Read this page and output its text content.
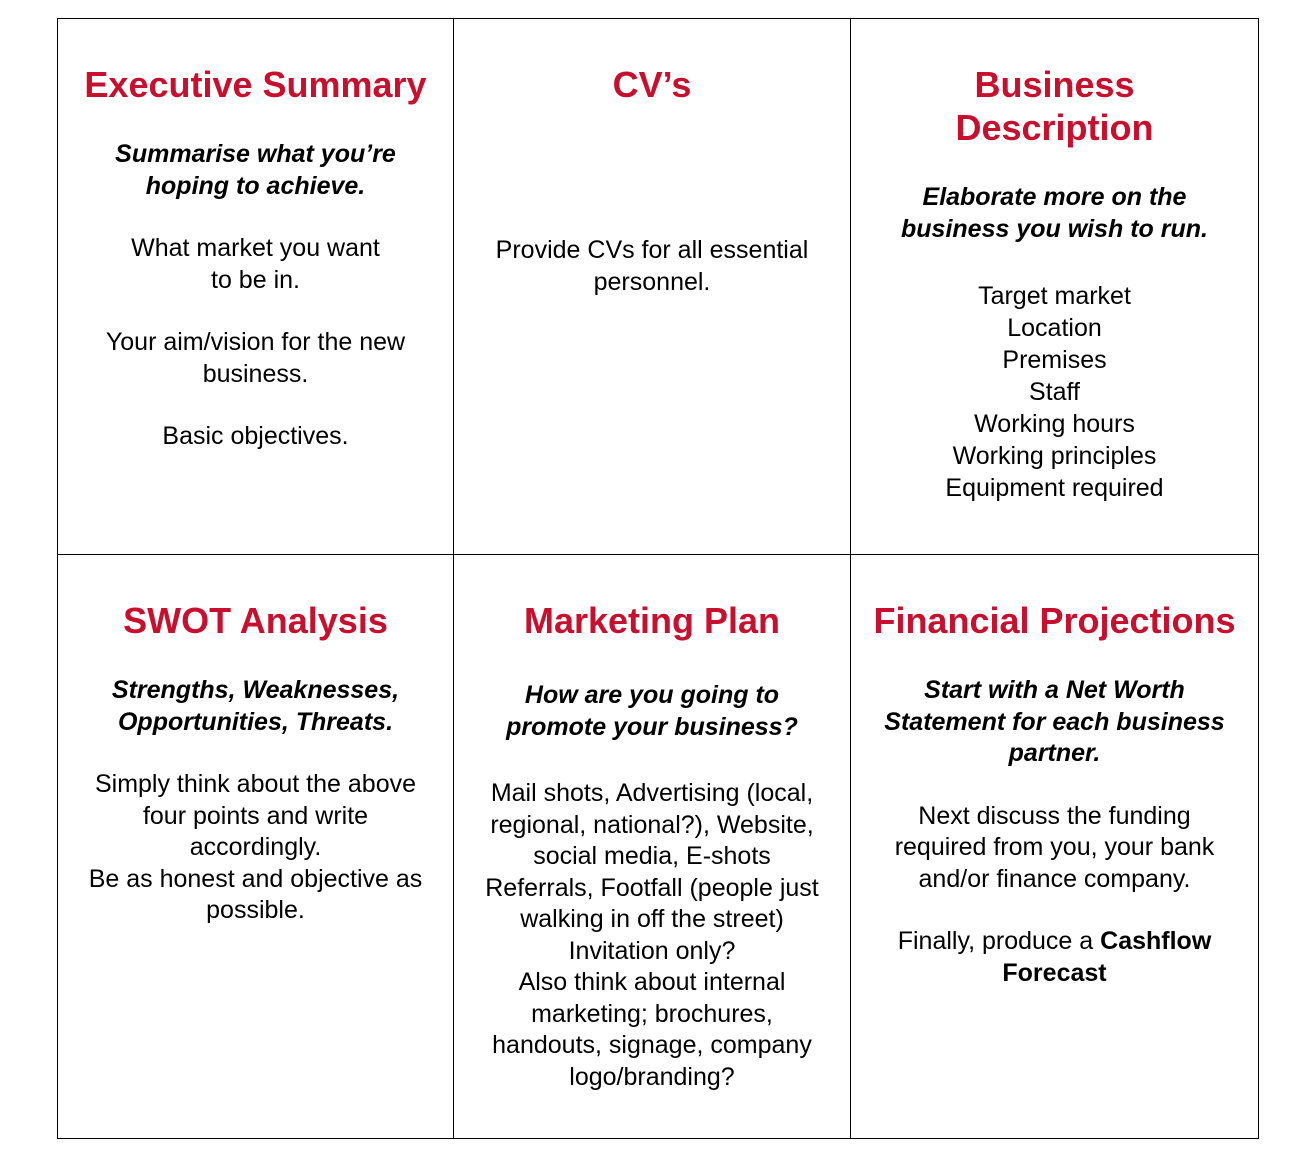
Executive Summary

Summarise what you’re
hoping to achieve.

What market you want
to be in.

Your aim/vision for the new
business.

Basic objectives.

CV’s

Provide CVs for all essential
personnel.

Business
Description

Elaborate more on the
business you wish to run.

Target market
Location
Premises
Staff
Working hours
Working principles
Equipment required

SWOT Analysis

Strengths, Weaknesses,
Opportunities, Threats.

Simply think about the above
four points and write
accordingly.

Be as honest and objective as
possible.

Marketing Plan

How are you going to
promote your business?

Mail shots, Advertising (local,
regional, national?), Website,
social media, E-shots
Referrals, Footfall (people just
walking in off the street)
Invitation only?
Also think about internal
marketing; brochures,
handouts, signage, company
logo/branding?

Financial Projections

Start with a Net Worth
Statement for each business
partner.

Next discuss the funding
required from you, your bank
and/or finance company.

Finally, produce a Cashflow
Forecast
